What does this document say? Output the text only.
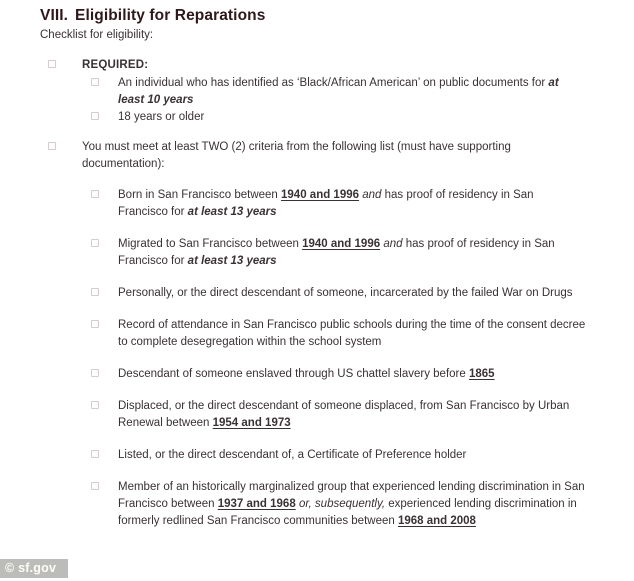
VIII. Eligibility for Reparations
Checklist for eligibility:
REQUIRED:
An individual who has identified as ‘Black/African American’ on public documents for at least 10 years
18 years or older
You must meet at least TWO (2) criteria from the following list (must have supporting documentation):
Born in San Francisco between 1940 and 1996 and has proof of residency in San Francisco for at least 13 years
Migrated to San Francisco between 1940 and 1996 and has proof of residency in San Francisco for at least 13 years
Personally, or the direct descendant of someone, incarcerated by the failed War on Drugs
Record of attendance in San Francisco public schools during the time of the consent decree to complete desegregation within the school system
Descendant of someone enslaved through US chattel slavery before 1865
Displaced, or the direct descendant of someone displaced, from San Francisco by Urban Renewal between 1954 and 1973
Listed, or the direct descendant of, a Certificate of Preference holder
Member of an historically marginalized group that experienced lending discrimination in San Francisco between 1937 and 1968 or, subsequently, experienced lending discrimination in formerly redlined San Francisco communities between 1968 and 2008
© sf.gov
